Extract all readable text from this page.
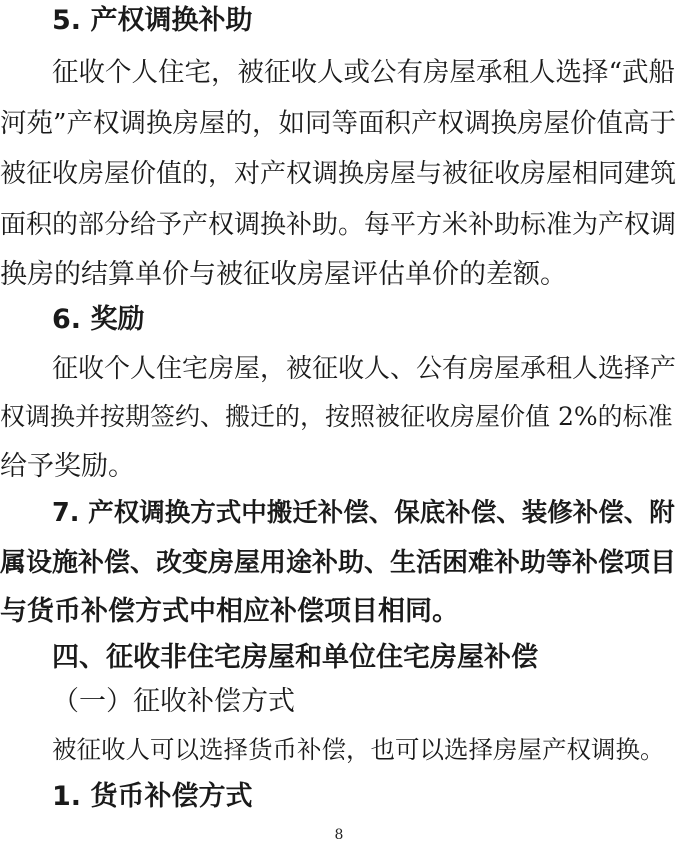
5. 产权调换补助
征收个人住宅，被征收人或公有房屋承租人选择“武船
河苑”产权调换房屋的，如同等面积产权调换房屋价值高于
被征收房屋价值的，对产权调换房屋与被征收房屋相同建筑
面积的部分给予产权调换补助。每平方米补助标准为产权调
换房的结算单价与被征收房屋评估单价的差额。
6. 奖励
征收个人住宅房屋，被征收人、公有房屋承租人选择产
权调换并按期签约、搬迁的，按照被征收房屋价值 2%的标准
给予奖励。
7. 产权调换方式中搬迁补偿、保底补偿、装修补偿、附
属设施补偿、改变房屋用途补助、生活困难补助等补偿项目
与货币补偿方式中相应补偿项目相同。
四、征收非住宅房屋和单位住宅房屋补偿
（一）征收补偿方式
被征收人可以选择货币补偿，也可以选择房屋产权调换。
1. 货币补偿方式
8
